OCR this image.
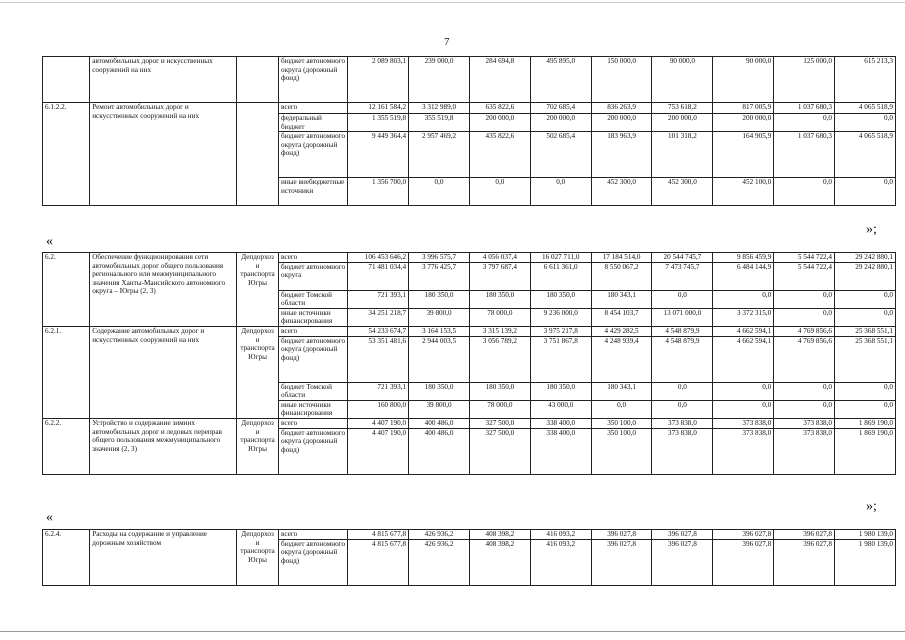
7
	автомобильных дорог и искусственных сооружений на них		бюджет автономного округа (дорожный фонд)	2 089 803,1	239 000,0	284 694,8	495 895,0	150 000,0	90 000,0	90 000,0	125 000,0	615 213,3
6.1.2.2.	Ремонт автомобильных дорог и искусственных сооружений на них		всего	12 161 584,2	3 312 989,0	635 822,6	702 685,4	836 263,9	753 618,2	817 005,9	1 037 680,3	4 065 518,9
			федеральный бюджет	1 355 519,8	355 519,8	200 000,0	200 000,0	200 000,0	200 000,0	200 000,0	0,0	0,0
			бюджет автономного округа (дорожный фонд)	9 449 364,4	2 957 469,2	435 822,6	502 685,4	183 963,9	101 318,2	164 905,9	1 037 680,3	4 065 518,9
			иные внебюджетные источники	1 356 700,0	0,0	0,0	0,0	452 300,0	452 300,0	452 100,0	0,0	0,0
»;
«
6.2.	Обеспечение функционирования сети автомобильных дорог общего пользования регионального или межмуниципального значения Ханты-Мансийского автономного округа – Югры (2, 3)	Депдорхоз и транспорта Югры	всего	106 453 646,2	3 996 575,7	4 056 037,4	16 027 711,0	17 184 514,0	20 544 745,7	9 856 459,9	5 544 722,4	29 242 880,1
			бюджет автономного округа	71 481 034,4	3 776 425,7	3 797 687,4	6 611 361,0	8 550 067,2	7 473 745,7	6 484 144,9	5 544 722,4	29 242 880,1
			бюджет Томской области	721 393,1	180 350,0	180 350,0	180 350,0	180 343,1	0,0	0,0	0,0	0,0
			иные источники финансирования	34 251 218,7	39 800,0	78 000,0	9 236 000,0	8 454 103,7	13 071 000,0	3 372 315,0	0,0	0,0
6.2.1.	Содержание автомобильных дорог и искусственных сооружений на них	Депдорхоз и транспорта Югры	всего	54 233 674,7	3 164 153,5	3 315 139,2	3 975 217,8	4 429 282,5	4 548 879,9	4 662 594,1	4 769 856,6	25 368 551,1
			бюджет автономного округа (дорожный фонд)	53 351 481,6	2 944 003,5	3 056 789,2	3 751 867,8	4 248 939,4	4 548 879,9	4 662 594,1	4 769 856,6	25 368 551,1
			бюджет Томской области	721 393,1	180 350,0	180 350,0	180 350,0	180 343,1	0,0	0,0	0,0	0,0
			иные источники финансирования	160 800,0	39 800,0	78 000,0	43 000,0	0,0	0,0	0,0	0,0	0,0
6.2.2.	Устройство и содержание зимних автомобильных дорог и ледовых переправ общего пользования межмуниципального значения (2, 3)	Депдорхоз и транспорта Югры	всего	4 407 190,0	400 486,0	327 500,0	338 400,0	350 100,0	373 838,0	373 838,0	373 838,0	1 869 190,0
			бюджет автономного округа (дорожный фонд)	4 407 190,0	400 486,0	327 500,0	338 400,0	350 100,0	373 838,0	373 838,0	373 838,0	1 869 190,0
»;
«
6.2.4.	Расходы на содержание и управление дорожным хозяйством	Депдорхоз и транспорта Югры	всего	4 815 677,8	426 936,2	408 398,2	416 093,2	396 027,8	396 027,8	396 027,8	396 027,8	1 980 139,0
			бюджет автономного округа (дорожный фонд)	4 815 677,8	426 936,2	408 398,2	416 093,2	396 027,8	396 027,8	396 027,8	396 027,8	1 980 139,0
